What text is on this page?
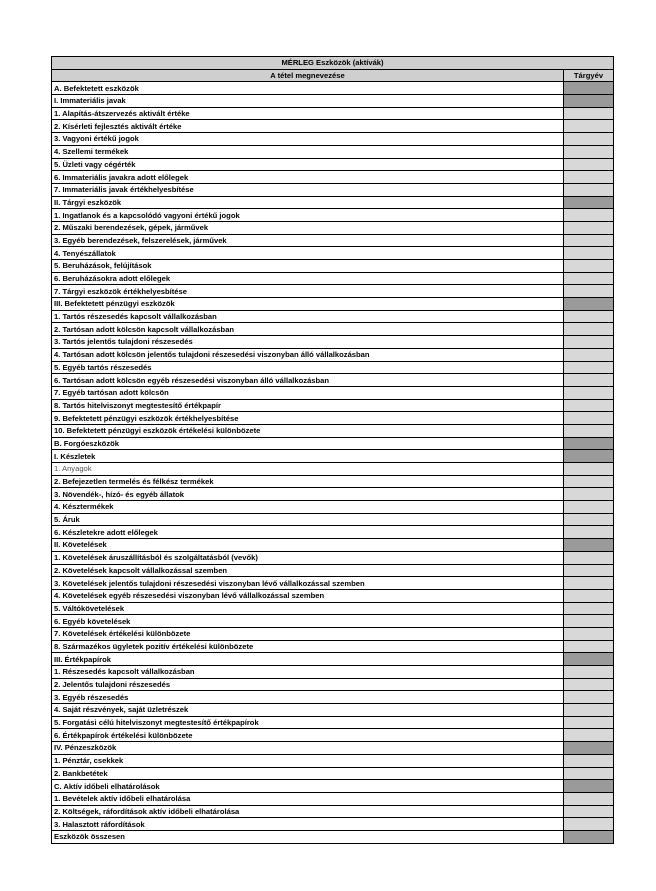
MÉRLEG Eszközök (aktívák)	
A tétel megnevezése	Tárgyév
A. Befektetett eszközök	
I. Immateriális javak	
1. Alapítás-átszervezés aktivált értéke	
2. Kísérleti fejlesztés aktivált értéke	
3. Vagyoni értékű jogok	
4. Szellemi termékek	
5. Üzleti vagy cégérték	
6. Immateriális javakra adott előlegek	
7. Immateriális javak értékhelyesbítése	
II. Tárgyi eszközök	
1. Ingatlanok és a kapcsolódó vagyoni értékű jogok	
2. Műszaki berendezések, gépek, járművek	
3. Egyéb berendezések, felszerelések, járművek	
4. Tenyészállatok	
5. Beruházások, felújítások	
6. Beruházásokra adott előlegek	
7. Tárgyi eszközök értékhelyesbítése	
III. Befektetett pénzügyi eszközök	
1. Tartós részesedés kapcsolt vállalkozásban	
2. Tartósan adott kölcsön kapcsolt vállalkozásban	
3. Tartós jelentős tulajdoni részesedés	
4. Tartósan adott kölcsön jelentős tulajdoni részesedési viszonyban álló vállalkozásban	
5. Egyéb tartós részesedés	
6. Tartósan adott kölcsön egyéb részesedési viszonyban álló vállalkozásban	
7. Egyéb tartósan adott kölcsön	
8. Tartós hitelviszonyt megtestesítő értékpapír	
9. Befektetett pénzügyi eszközök értékhelyesbítése	
10. Befektetett pénzügyi eszközök értékelési különbözete	
B. Forgóeszközök	
I. Készletek	
1. Anyagok	
2. Befejezetlen termelés és félkész termékek	
3. Növendék-, hízó- és egyéb állatok	
4. Késztermékek	
5. Áruk	
6. Készletekre adott előlegek	
II. Követelések	
1. Követelések áruszállításból és szolgáltatásból (vevők)	
2. Követelések kapcsolt vállalkozással szemben	
3. Követelések jelentős tulajdoni részesedési viszonyban lévő vállalkozással szemben	
4. Követelések egyéb részesedési viszonyban lévő vállalkozással szemben	
5. Váltókövetelések	
6. Egyéb követelések	
7. Követelések értékelési különbözete	
8. Származékos ügyletek pozitív értékelési különbözete	
III. Értékpapírok	
1. Részesedés kapcsolt vállalkozásban	
2. Jelentős tulajdoni részesedés	
3. Egyéb részesedés	
4. Saját részvények, saját üzletrészek	
5. Forgatási célú hitelviszonyt megtestesítő értékpapírok	
6. Értékpapírok értékelési különbözete	
IV. Pénzeszközök	
1. Pénztár, csekkek	
2. Bankbetétek	
C. Aktív időbeli elhatárolások	
1. Bevételek aktív időbeli elhatárolása	
2. Költségek, ráfordítások aktív időbeli elhatárolása	
3. Halasztott ráfordítások	
Eszközök összesen	
